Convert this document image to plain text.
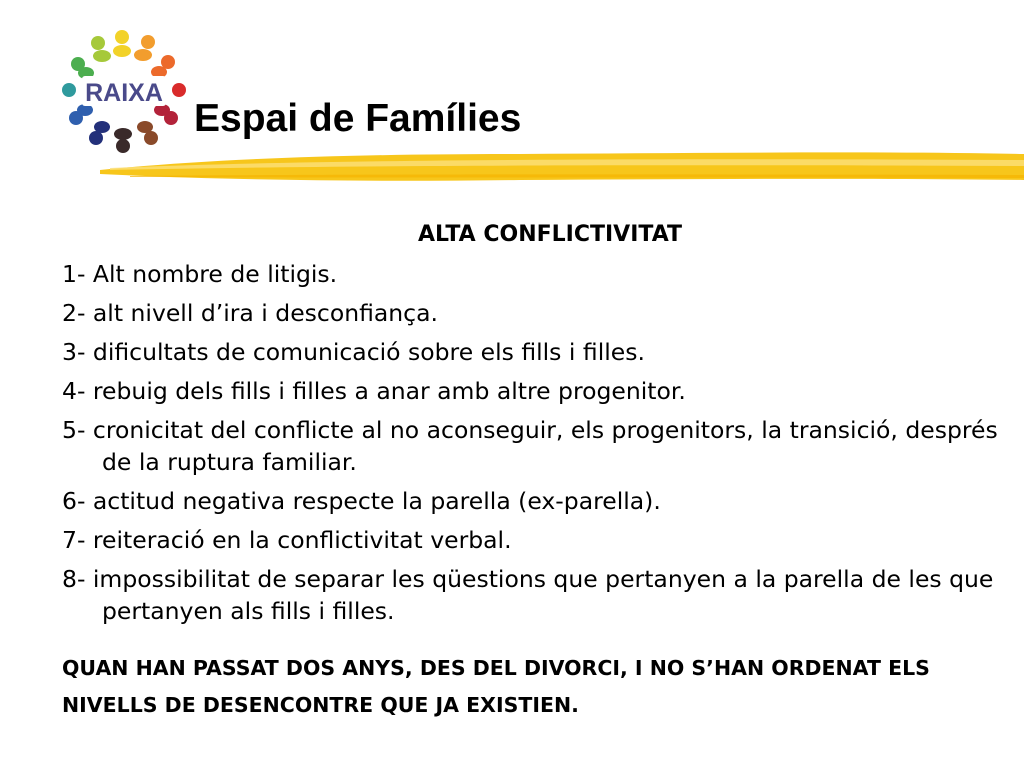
RAIXA
Espai de Famílies
ALTA CONFLICTIVITAT
1- Alt nombre de litigis.
2- alt nivell d’ira i desconfiança.
3- dificultats de comunicació sobre els fills i filles.
4- rebuig dels fills i filles a anar amb altre progenitor.
5- cronicitat del conflicte al no aconseguir, els progenitors, la transició, després de la ruptura familiar.
6- actitud negativa respecte la parella (ex-parella).
7- reiteració en la conflictivitat verbal.
8- impossibilitat de separar les qüestions que pertanyen a la parella de les que pertanyen als fills i filles.
QUAN HAN PASSAT DOS ANYS, DES DEL DIVORCI, I NO S’HAN ORDENAT ELS NIVELLS DE DESENCONTRE QUE JA EXISTIEN.
